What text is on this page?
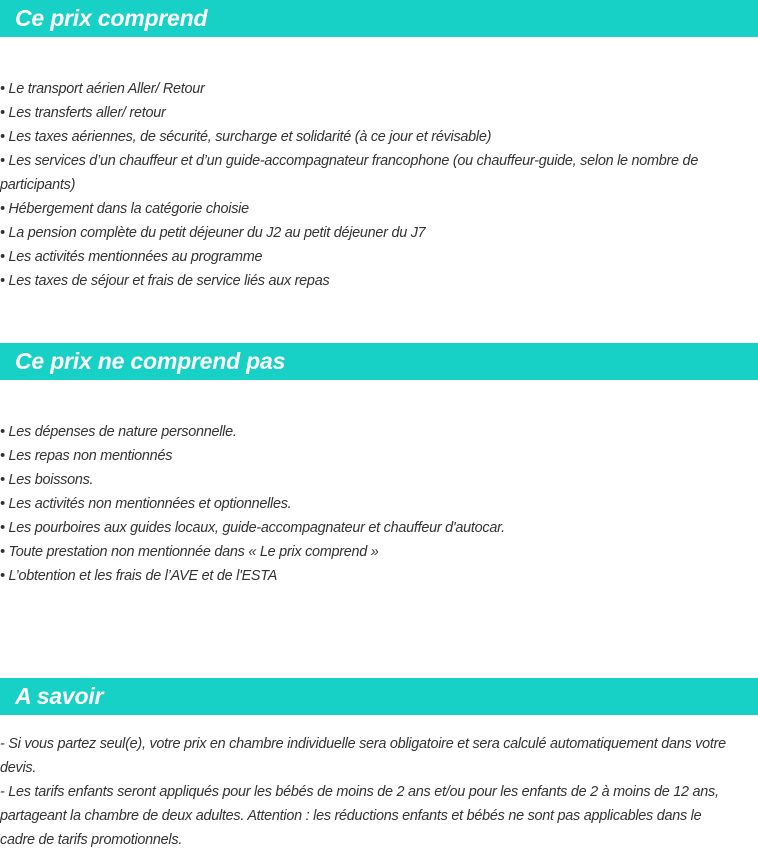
Ce prix comprend
• Le transport aérien Aller/ Retour
• Les transferts aller/ retour
• Les taxes aériennes, de sécurité, surcharge et solidarité (à ce jour et révisable)
• Les services d’un chauffeur et d’un guide-accompagnateur francophone (ou chauffeur-guide, selon le nombre de participants)
• Hébergement dans la catégorie choisie
• La pension complète du petit déjeuner du J2 au petit déjeuner du J7
• Les activités mentionnées au programme
• Les taxes de séjour et frais de service liés aux repas
Ce prix ne comprend pas
• Les dépenses de nature personnelle.
• Les repas non mentionnés
• Les boissons.
• Les activités non mentionnées et optionnelles.
• Les pourboires aux guides locaux, guide-accompagnateur et chauffeur d'autocar.
• Toute prestation non mentionnée dans « Le prix comprend »
• L’obtention et les frais de l’AVE et de l'ESTA
A savoir
- Si vous partez seul(e), votre prix en chambre individuelle sera obligatoire et sera calculé automatiquement dans votre devis.
- Les tarifs enfants seront appliqués pour les bébés de moins de 2 ans et/ou pour les enfants de 2 à moins de 12 ans, partageant la chambre de deux adultes. Attention : les réductions enfants et bébés ne sont pas applicables dans le cadre de tarifs promotionnels.
